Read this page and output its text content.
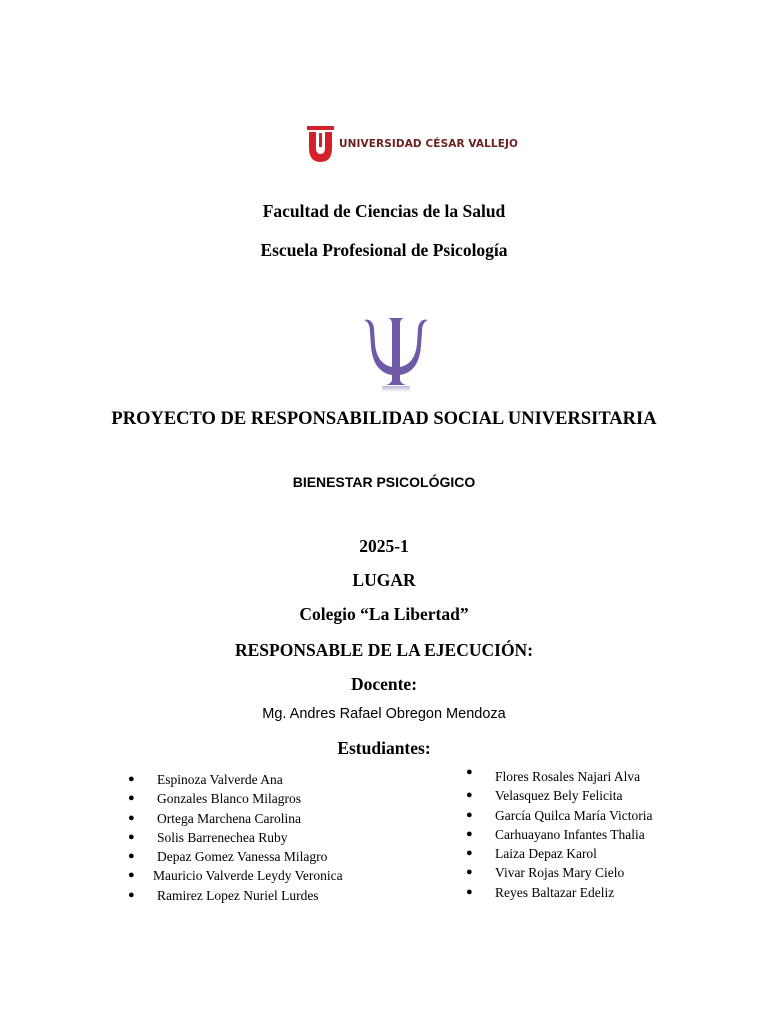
UNIVERSIDAD CÉSAR VALLEJO
Facultad de Ciencias de la Salud
Escuela Profesional de Psicología
PROYECTO DE RESPONSABILIDAD SOCIAL UNIVERSITARIA
BIENESTAR PSICOLÓGICO
2025-1
LUGAR
Colegio “La Libertad”
RESPONSABLE DE LA EJECUCIÓN:
Docente:
Mg. Andres Rafael Obregon Mendoza
Estudiantes:
● Espinoza Valverde Ana
● Gonzales Blanco Milagros
● Ortega Marchena Carolina
● Solis Barrenechea Ruby
● Depaz Gomez Vanessa Milagro
● Mauricio Valverde Leydy Veronica
● Ramirez Lopez Nuriel Lurdes
● Flores Rosales Najari Alva
● Velasquez Bely Felicita
● García Quilca María Victoria
● Carhuayano Infantes Thalia
● Laiza Depaz Karol
● Vivar Rojas Mary Cielo
● Reyes Baltazar Edeliz
